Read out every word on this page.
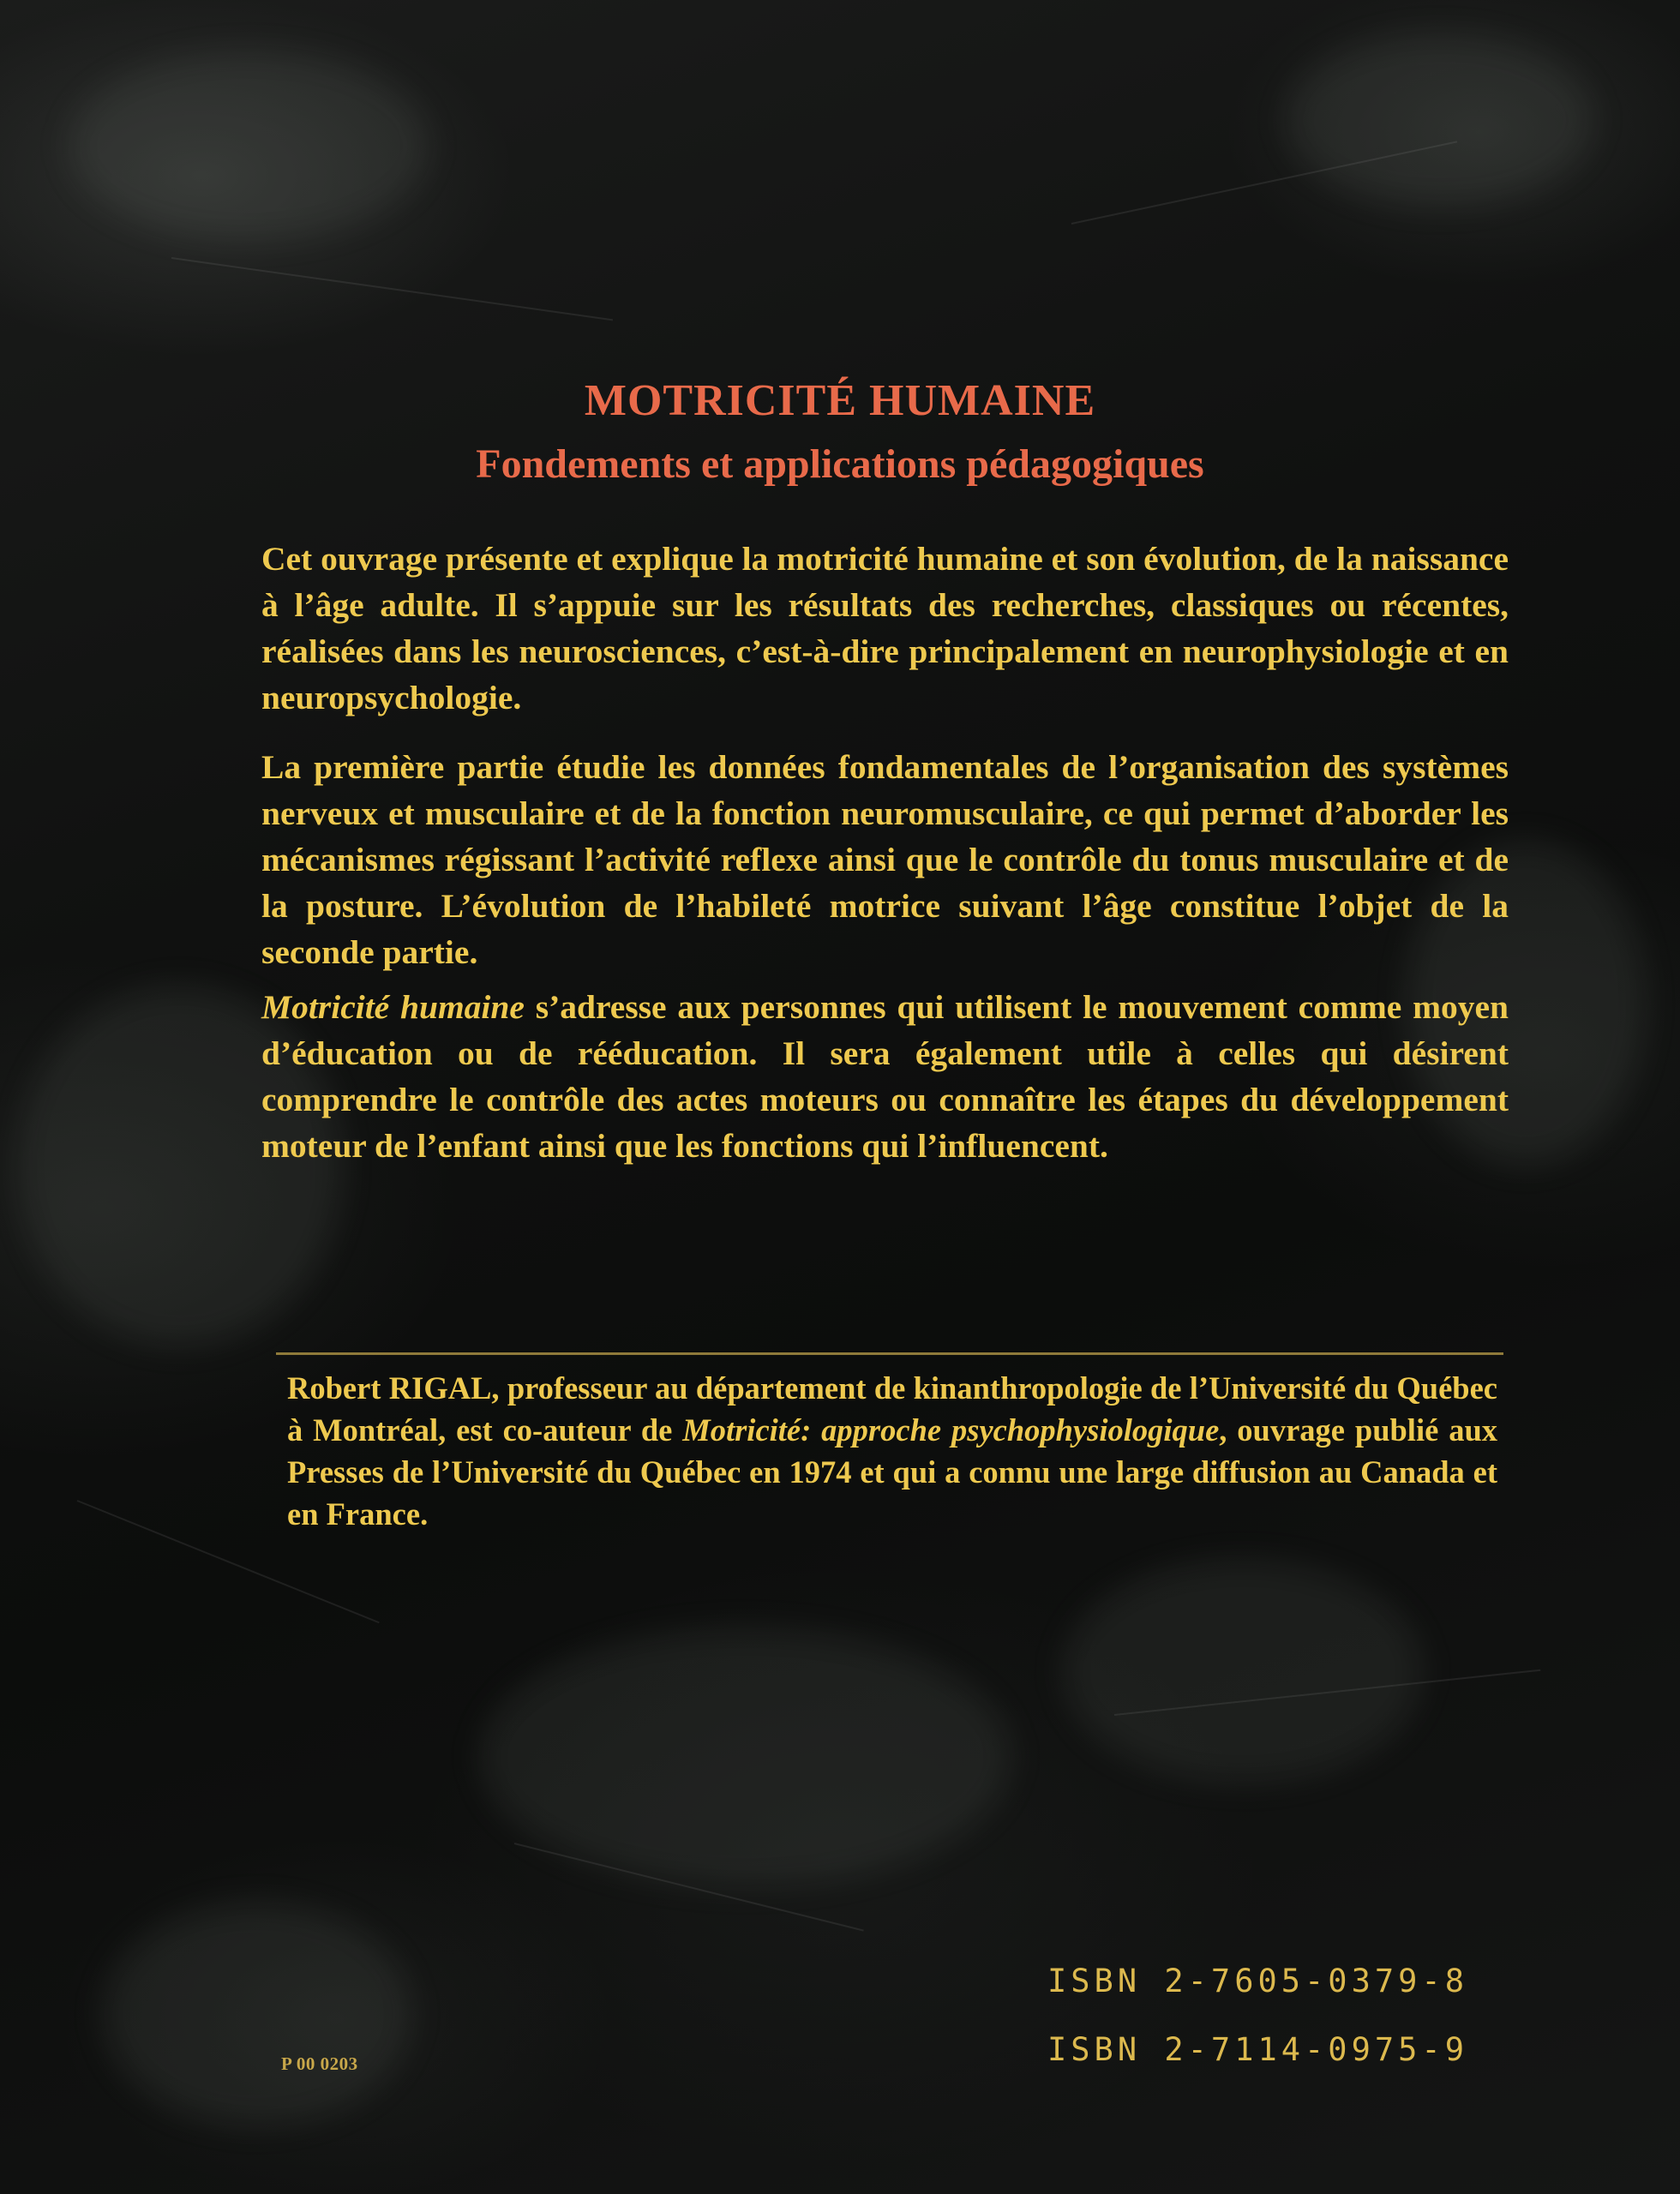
MOTRICITÉ HUMAINE
Fondements et applications pédagogiques

Cet ouvrage présente et explique la motricité humaine et son évolution, de la naissance à l’âge adulte. Il s’appuie sur les résultats des recherches, classiques ou récentes, réalisées dans les neurosciences, c’est-à-dire principalement en neurophysiologie et en neuropsychologie.

La première partie étudie les données fondamentales de l’organisation des systèmes nerveux et musculaire et de la fonction neuromusculaire, ce qui permet d’aborder les mécanismes régissant l’activité reflexe ainsi que le contrôle du tonus musculaire et de la posture. L’évolution de l’habileté motrice suivant l’âge constitue l’objet de la seconde partie.

Motricité humaine s’adresse aux personnes qui utilisent le mouvement comme moyen d’éducation ou de rééducation. Il sera également utile à celles qui désirent comprendre le contrôle des actes moteurs ou connaître les étapes du développement moteur de l’enfant ainsi que les fonctions qui l’influencent.

Robert RIGAL, professeur au département de kinanthropologie de l’Université du Québec à Montréal, est co-auteur de Motricité: approche psychophysiologique, ouvrage publié aux Presses de l’Université du Québec en 1974 et qui a connu une large diffusion au Canada et en France.

ISBN 2-7605-0379-8

ISBN 2-7114-0975-9

P 00 0203
